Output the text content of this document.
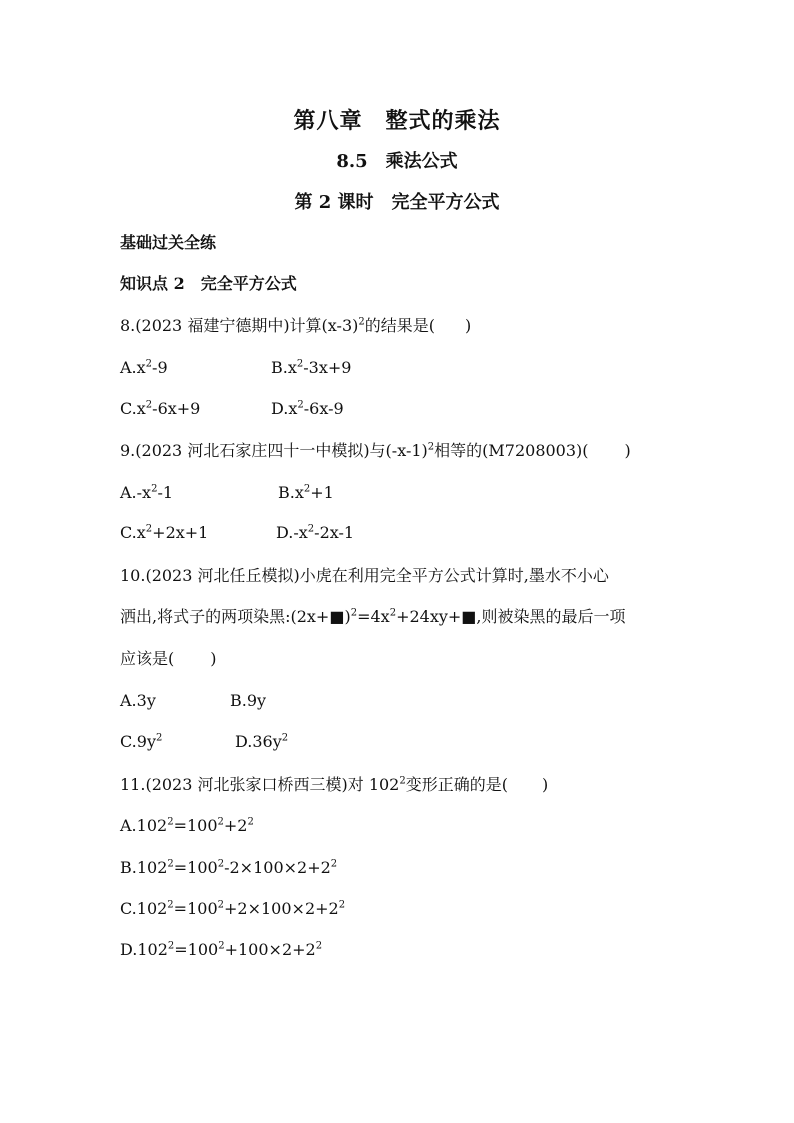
第八章　整式的乘法
8.5　乘法公式
第 2 课时　完全平方公式
基础过关全练
知识点 2　完全平方公式
8.(2023 福建宁德期中)计算$(x-3)^2$的结果是( )
$A.x^2-9$	$B.x^2-3x+9$
$C.x^2-6x+9$	$D.x^2-6x-9$
9.(2023 河北石家庄四十一中模拟)与$(-x-1)^2$相等的(M7208003)( )
$A.-x^2-1$	$B.x^2+1$
$C.x^2+2x+1$	$D.-x^2-2x-1$
10.(2023 河北任丘模拟)小虎在利用完全平方公式计算时,墨水不小心
洒出,将式子的两项染黑$:(2x+■)^2=4x^2+24xy+■$,则被染黑的最后一项
应该是( )
A.3y	B.9y
$C.9y^2$	$D.36y^2$
11.(2023 河北张家口桥西三模)对 $102^2$变形正确的是( )
$A.102^2=100^2+2^2$
$B.102^2=100^2-2\times 100\times 2+2^2$
$C.102^2=100^2+2\times 100\times 2+2^2$
$D.102^2=100^2+100\times 2+2^2$
